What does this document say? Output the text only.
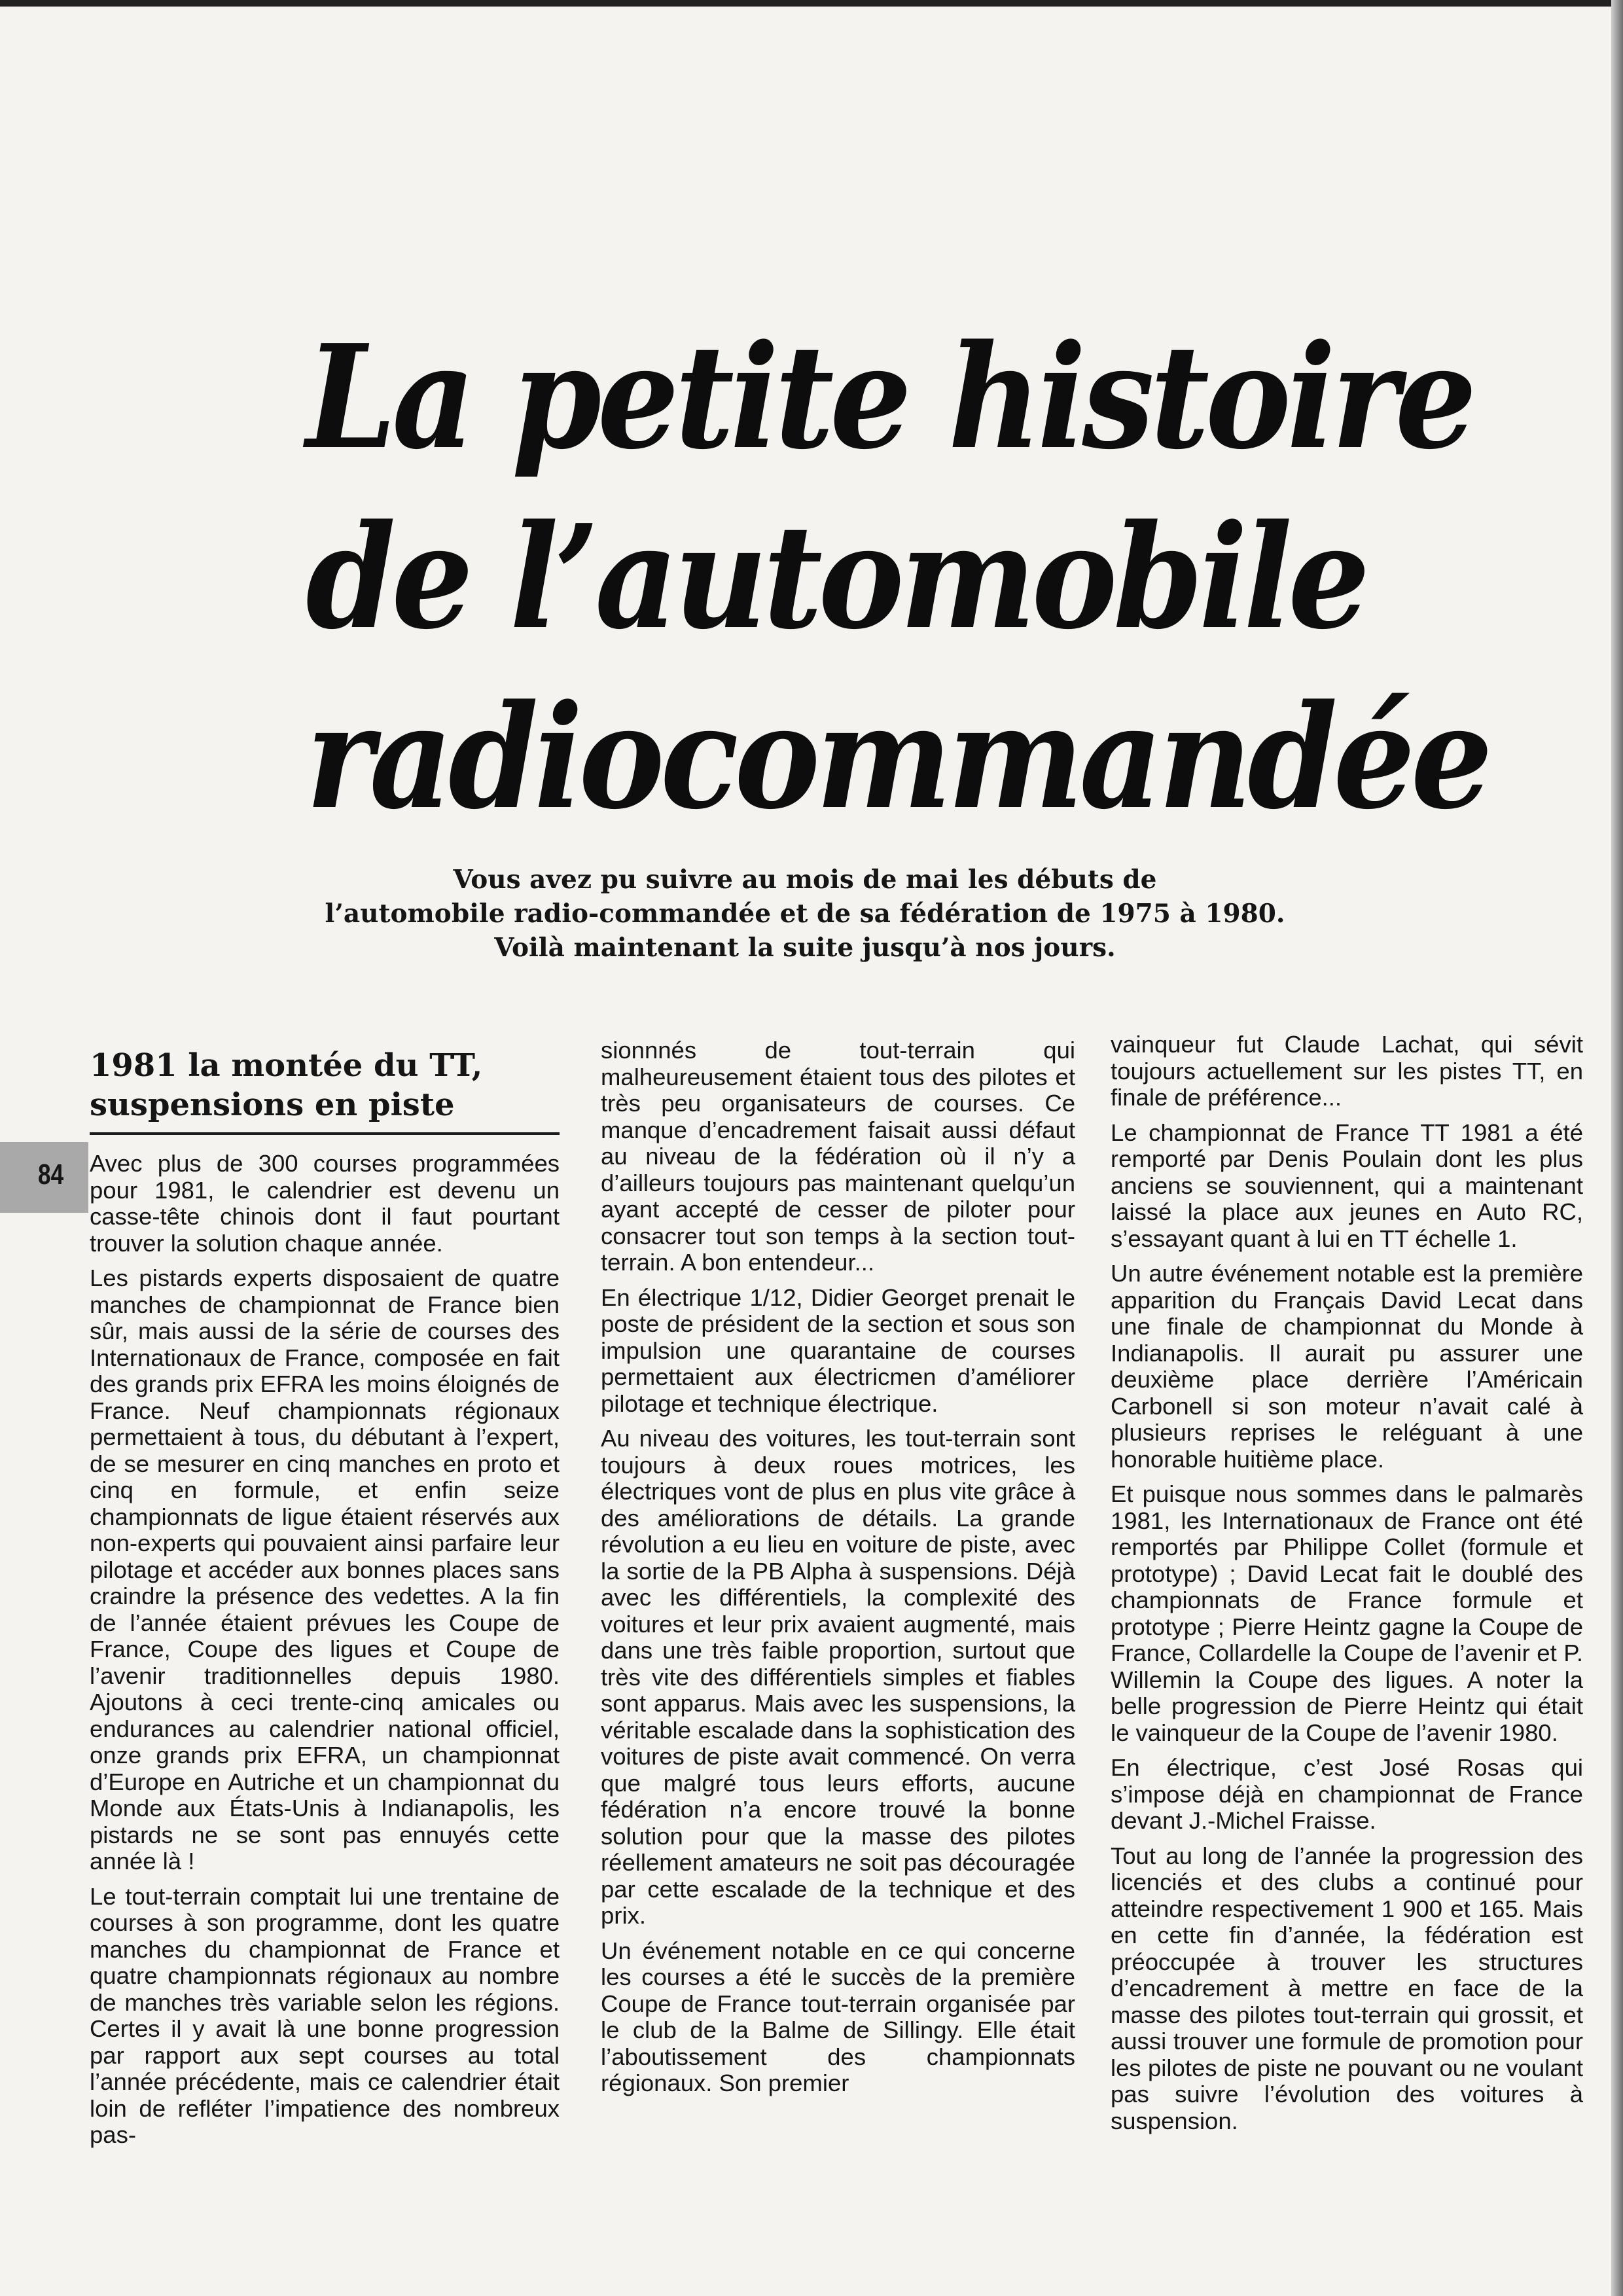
La petite histoire
de l’automobile
radiocommandée

Vous avez pu suivre au mois de mai les débuts de
l’automobile radio-commandée et de sa fédération de 1975 à 1980.
Voilà maintenant la suite jusqu’à nos jours.

84
1981 la montée du TT,
suspensions en piste

Avec plus de 300 courses programmées pour 1981, le calendrier est devenu un casse-tête chinois dont il faut pourtant trouver la solution chaque année.

Les pistards experts disposaient de quatre manches de championnat de France bien sûr, mais aussi de la série de courses des Internationaux de France, composée en fait des grands prix EFRA les moins éloignés de France. Neuf championnats régionaux permettaient à tous, du débutant à l’expert, de se mesurer en cinq manches en proto et cinq en formule, et enfin seize championnats de ligue étaient réservés aux non-experts qui pouvaient ainsi parfaire leur pilotage et accéder aux bonnes places sans craindre la présence des vedettes. A la fin de l’année étaient prévues les Coupe de France, Coupe des ligues et Coupe de l’avenir traditionnelles depuis 1980. Ajoutons à ceci trente-cinq amicales ou endurances au calendrier national officiel, onze grands prix EFRA, un championnat d’Europe en Autriche et un championnat du Monde aux États-Unis à Indianapolis, les pistards ne se sont pas ennuyés cette année là !

Le tout-terrain comptait lui une trentaine de courses à son programme, dont les quatre manches du championnat de France et quatre championnats régionaux au nombre de manches très variable selon les régions. Certes il y avait là une bonne progression par rapport aux sept courses au total l’année précédente, mais ce calendrier était loin de refléter l’impatience des nombreux pas-

sionnnés de tout-terrain qui malheureusement étaient tous des pilotes et très peu organisateurs de courses. Ce manque d’encadrement faisait aussi défaut au niveau de la fédération où il n’y a d’ailleurs toujours pas maintenant quelqu’un ayant accepté de cesser de piloter pour consacrer tout son temps à la section tout-terrain. A bon entendeur...

En électrique 1/12, Didier Georget prenait le poste de président de la section et sous son impulsion une quarantaine de courses permettaient aux électricmen d’améliorer pilotage et technique électrique.

Au niveau des voitures, les tout-terrain sont toujours à deux roues motrices, les électriques vont de plus en plus vite grâce à des améliorations de détails. La grande révolution a eu lieu en voiture de piste, avec la sortie de la PB Alpha à suspensions. Déjà avec les différentiels, la complexité des voitures et leur prix avaient augmenté, mais dans une très faible proportion, surtout que très vite des différentiels simples et fiables sont apparus. Mais avec les suspensions, la véritable escalade dans la sophistication des voitures de piste avait commencé. On verra que malgré tous leurs efforts, aucune fédération n’a encore trouvé la bonne solution pour que la masse des pilotes réellement amateurs ne soit pas découragée par cette escalade de la technique et des prix.

Un événement notable en ce qui concerne les courses a été le succès de la première Coupe de France tout-terrain organisée par le club de la Balme de Sillingy. Elle était l’aboutissement des championnats régionaux. Son premier

vainqueur fut Claude Lachat, qui sévit toujours actuellement sur les pistes TT, en finale de préférence...

Le championnat de France TT 1981 a été remporté par Denis Poulain dont les plus anciens se souviennent, qui a maintenant laissé la place aux jeunes en Auto RC, s’essayant quant à lui en TT échelle 1.

Un autre événement notable est la première apparition du Français David Lecat dans une finale de championnat du Monde à Indianapolis. Il aurait pu assurer une deuxième place derrière l’Américain Carbonell si son moteur n’avait calé à plusieurs reprises le reléguant à une honorable huitième place.

Et puisque nous sommes dans le palmarès 1981, les Internationaux de France ont été remportés par Philippe Collet (formule et prototype) ; David Lecat fait le doublé des championnats de France formule et prototype ; Pierre Heintz gagne la Coupe de France, Collardelle la Coupe de l’avenir et P. Willemin la Coupe des ligues. A noter la belle progression de Pierre Heintz qui était le vainqueur de la Coupe de l’avenir 1980.

En électrique, c’est José Rosas qui s’impose déjà en championnat de France devant J.-Michel Fraisse.

Tout au long de l’année la progression des licenciés et des clubs a continué pour atteindre respectivement 1 900 et 165. Mais en cette fin d’année, la fédération est préoccupée à trouver les structures d’encadrement à mettre en face de la masse des pilotes tout-terrain qui grossit, et aussi trouver une formule de promotion pour les pilotes de piste ne pouvant ou ne voulant pas suivre l’évolution des voitures à suspension.
